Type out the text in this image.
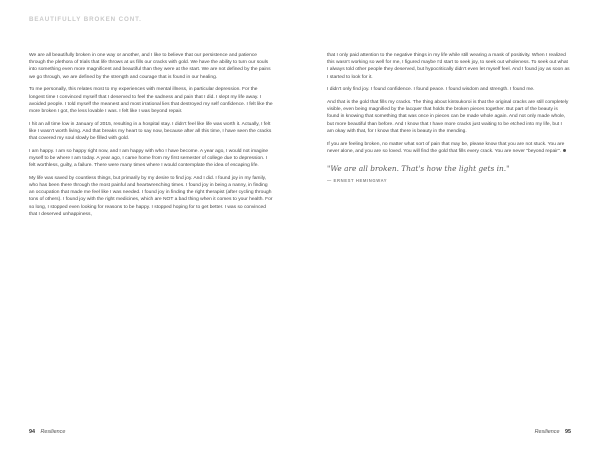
BEAUTIFULLY BROKEN CONT.

We are all beautifully broken in one way or another, and I like to believe that our persistence and patience through the plethora of trials that life throws at us fills our cracks with gold. We have the ability to turn our souls into something even more magnificent and beautiful than they were at the start. We are not defined by the pains we go through, we are defined by the strength and courage that is found in our healing.

To me personally, this relates most to my experiences with mental illness, in particular depression. For the longest time I convinced myself that I deserved to feel the sadness and pain that I did. I slept my life away. I avoided people. I told myself the meanest and most irrational lies that destroyed my self confidence. I felt like the more broken I got, the less lovable I was. I felt like I was beyond repair.

I hit an all time low in January of 2015, resulting in a hospital stay. I didn't feel like life was worth it. Actually, I felt like I wasn't worth living. And that breaks my heart to say now, because after all this time, I have seen the cracks that covered my soul slowly be filled with gold.

I am happy. I am so happy right now, and I am happy with who I have become. A year ago, I would not imagine myself to be where I am today. A year ago, I came home from my first semester of college due to depression. I felt worthless, guilty, a failure. There were many times where I would contemplate the idea of escaping life.

My life was saved by countless things, but primarily by my desire to find joy. And I did. I found joy in my family, who has been there through the most painful and heartwrenching times. I found joy in being a nanny, in finding an occupation that made me feel like I was needed. I found joy in finding the right therapist (after cycling through tons of others). I found joy with the right medicines, which are NOT a bad thing when it comes to your health. For so long, I stopped even looking for reasons to be happy. I stopped hoping for to get better. I was so convinced that I deserved unhappiness,

94 Resilience

that I only paid attention to the negative things in my life while still wearing a mask of positivity. When I realized this wasn't working so well for me, I figured maybe I'd start to seek joy, to seek out wholeness. To seek out what I always told other people they deserved, but hypocritically didn't even let myself feel. And I found joy as soon as I started to look for it.

I didn't only find joy. I found confidence. I found peace. I found wisdom and strength. I found me.

And that is the gold that fills my cracks. The thing about kintsukoroi is that the original cracks are still completely visible, even being magnified by the lacquer that holds the broken pieces together. But part of the beauty is found in knowing that something that was once in pieces can be made whole again. And not only made whole, but more beautiful than before. And I know that I have more cracks just waiting to be etched into my life, but I am okay with that, for I know that there is beauty in the mending.

If you are feeling broken, no matter what sort of pain that may be, please know that you are not stuck. You are never alone, and you are so loved. You will find the gold that fills every crack. You are never "beyond repair".

"We are all broken. That's how the light gets in."
— ERNEST HEMINGWAY
Resilience 95
